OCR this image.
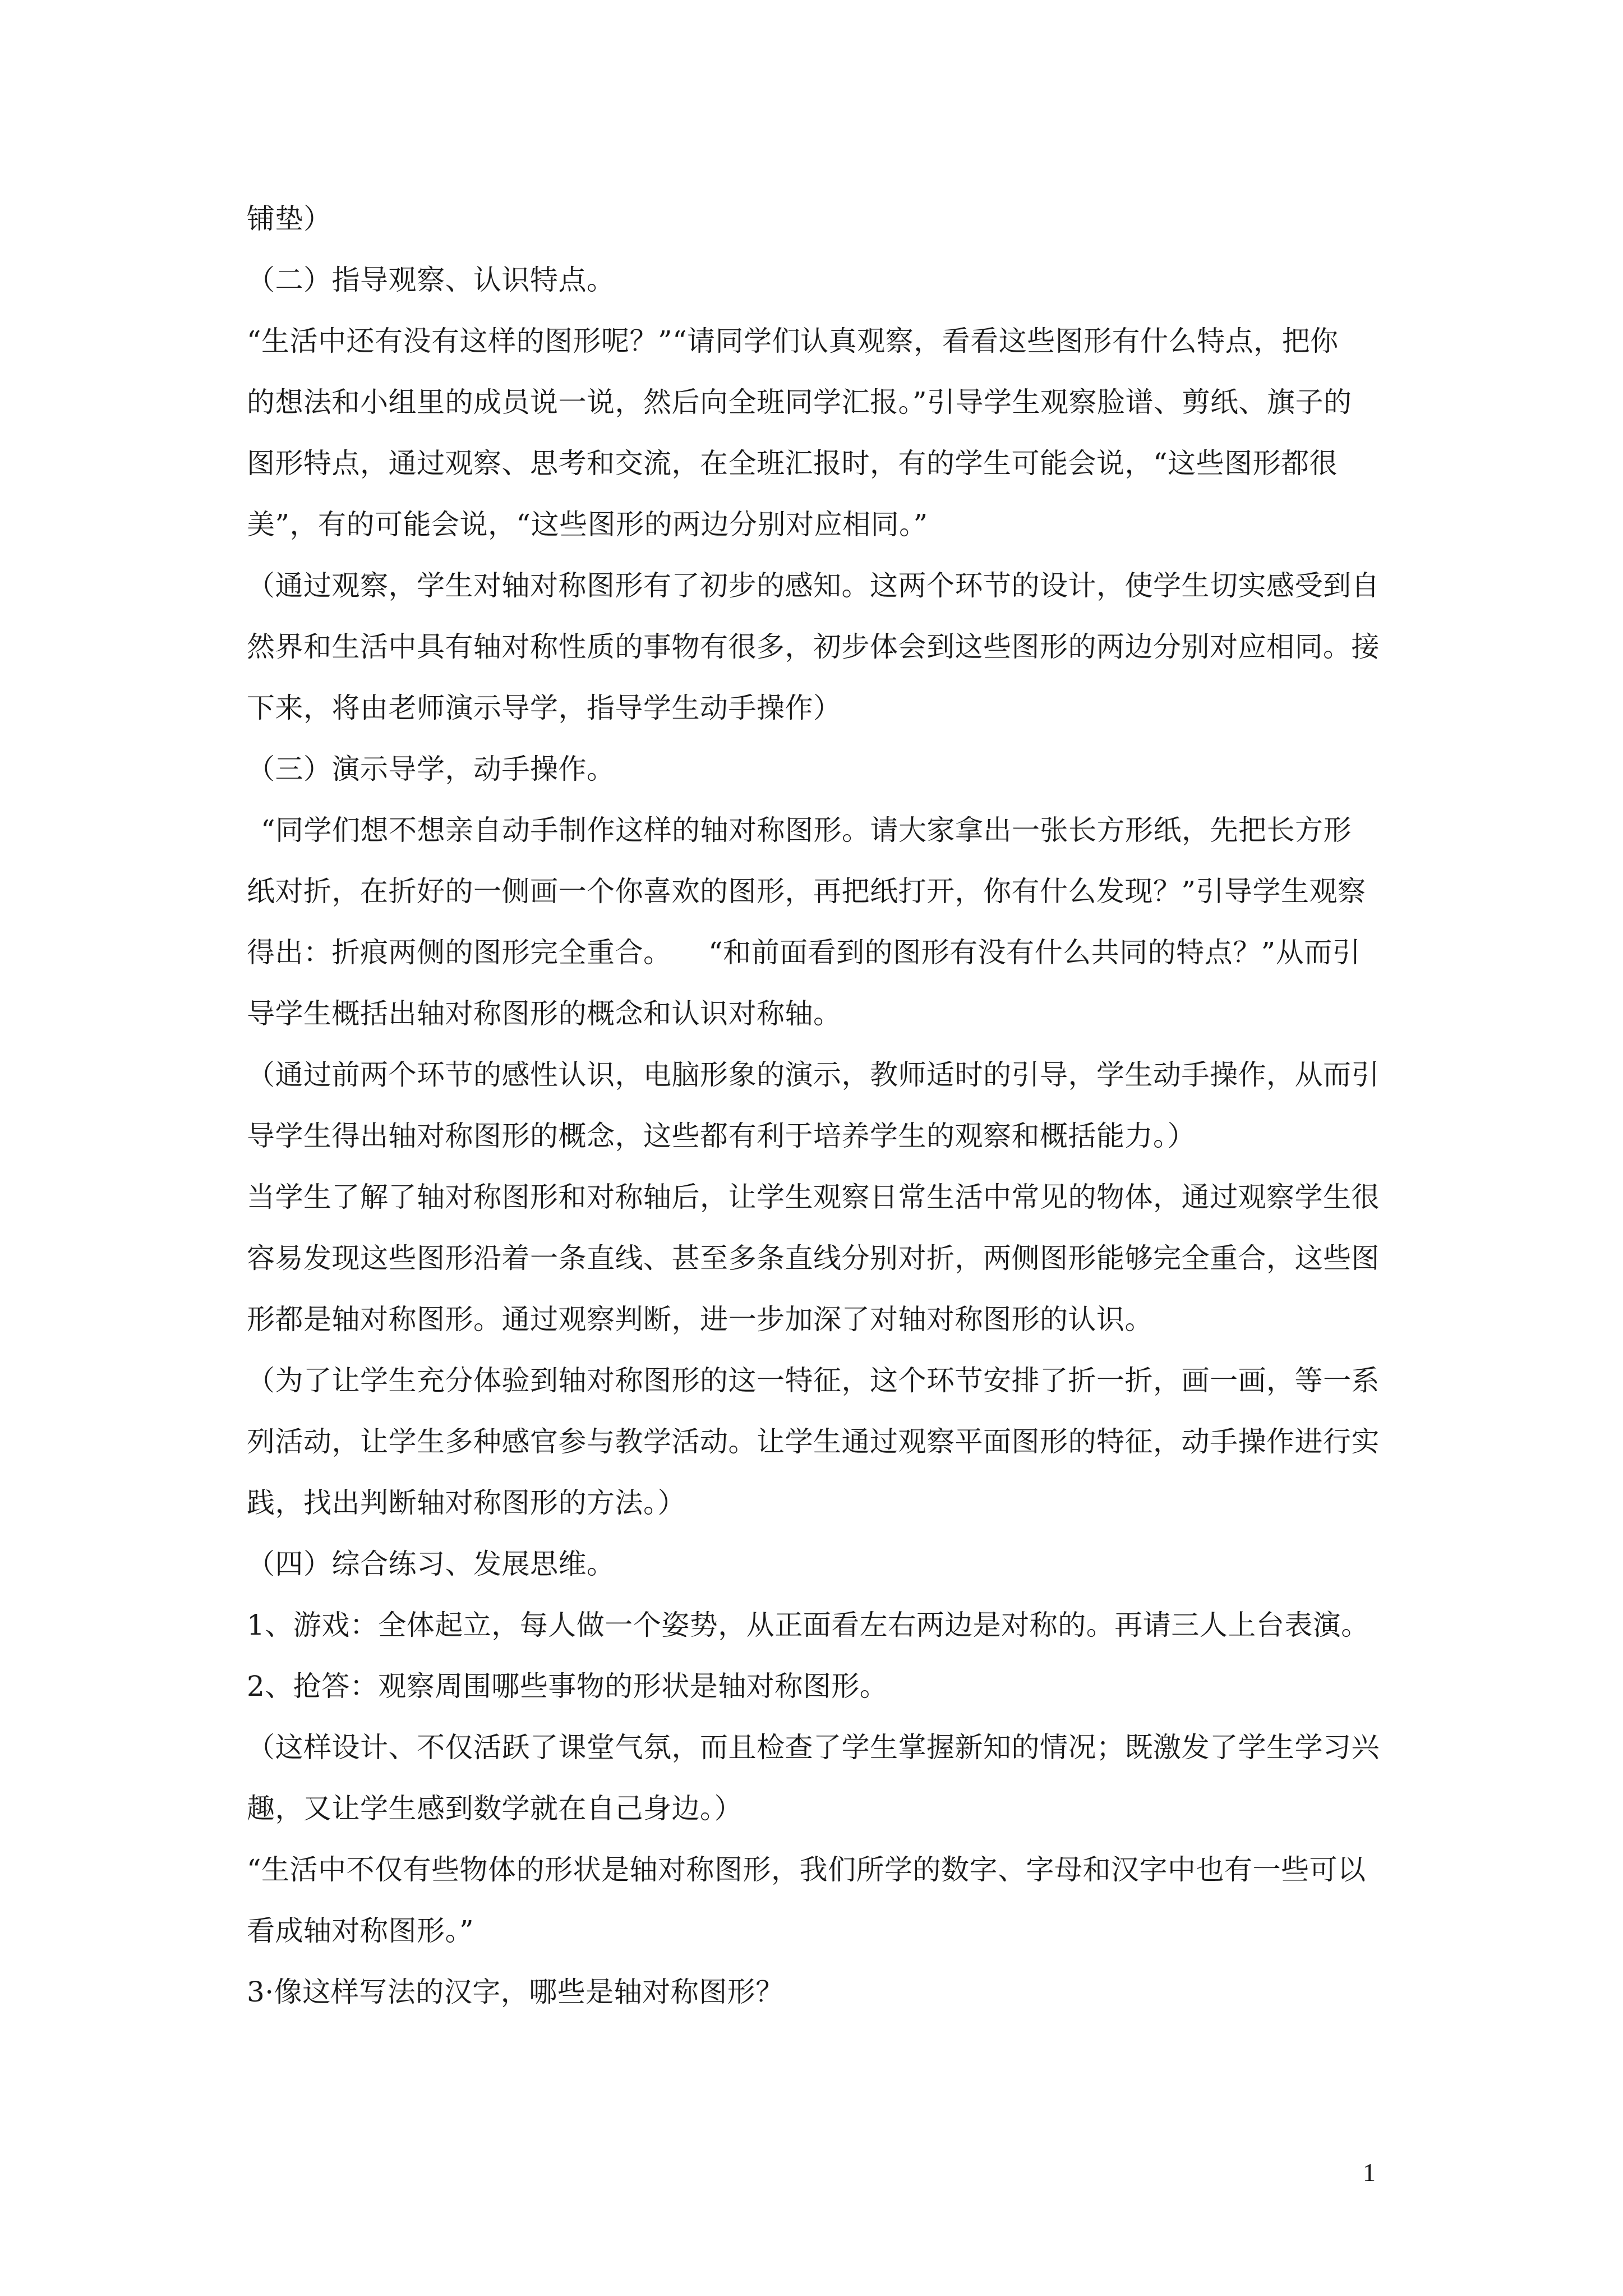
铺垫）

（二）指导观察、认识特点。

“生活中还有没有这样的图形呢？”“请同学们认真观察，看看这些图形有什么特点，把你

的想法和小组里的成员说一说，然后向全班同学汇报。”引导学生观察脸谱、剪纸、旗子的

图形特点，通过观察、思考和交流，在全班汇报时，有的学生可能会说，“这些图形都很

美”，有的可能会说，“这些图形的两边分别对应相同。”

（通过观察，学生对轴对称图形有了初步的感知。这两个环节的设计，使学生切实感受到自

然界和生活中具有轴对称性质的事物有很多，初步体会到这些图形的两边分别对应相同。接

下来，将由老师演示导学，指导学生动手操作）

（三）演示导学，动手操作。

“同学们想不想亲自动手制作这样的轴对称图形。请大家拿出一张长方形纸，先把长方形

纸对折，在折好的一侧画一个你喜欢的图形，再把纸打开，你有什么发现？”引导学生观察

得出：折痕两侧的图形完全重合。    “和前面看到的图形有没有什么共同的特点？”从而引

导学生概括出轴对称图形的概念和认识对称轴。

（通过前两个环节的感性认识，电脑形象的演示，教师适时的引导，学生动手操作，从而引

导学生得出轴对称图形的概念，这些都有利于培养学生的观察和概括能力。）

当学生了解了轴对称图形和对称轴后，让学生观察日常生活中常见的物体，通过观察学生很

容易发现这些图形沿着一条直线、甚至多条直线分别对折，两侧图形能够完全重合，这些图

形都是轴对称图形。通过观察判断，进一步加深了对轴对称图形的认识。

（为了让学生充分体验到轴对称图形的这一特征，这个环节安排了折一折，画一画，等一系

列活动，让学生多种感官参与教学活动。让学生通过观察平面图形的特征，动手操作进行实

践，找出判断轴对称图形的方法。）

（四）综合练习、发展思维。

1、游戏：全体起立，每人做一个姿势，从正面看左右两边是对称的。再请三人上台表演。

2、抢答：观察周围哪些事物的形状是轴对称图形。

（这样设计、不仅活跃了课堂气氛，而且检查了学生掌握新知的情况；既激发了学生学习兴

趣，又让学生感到数学就在自己身边。）

“生活中不仅有些物体的形状是轴对称图形，我们所学的数字、字母和汉字中也有一些可以

看成轴对称图形。”

3·像这样写法的汉字，哪些是轴对称图形？

1
